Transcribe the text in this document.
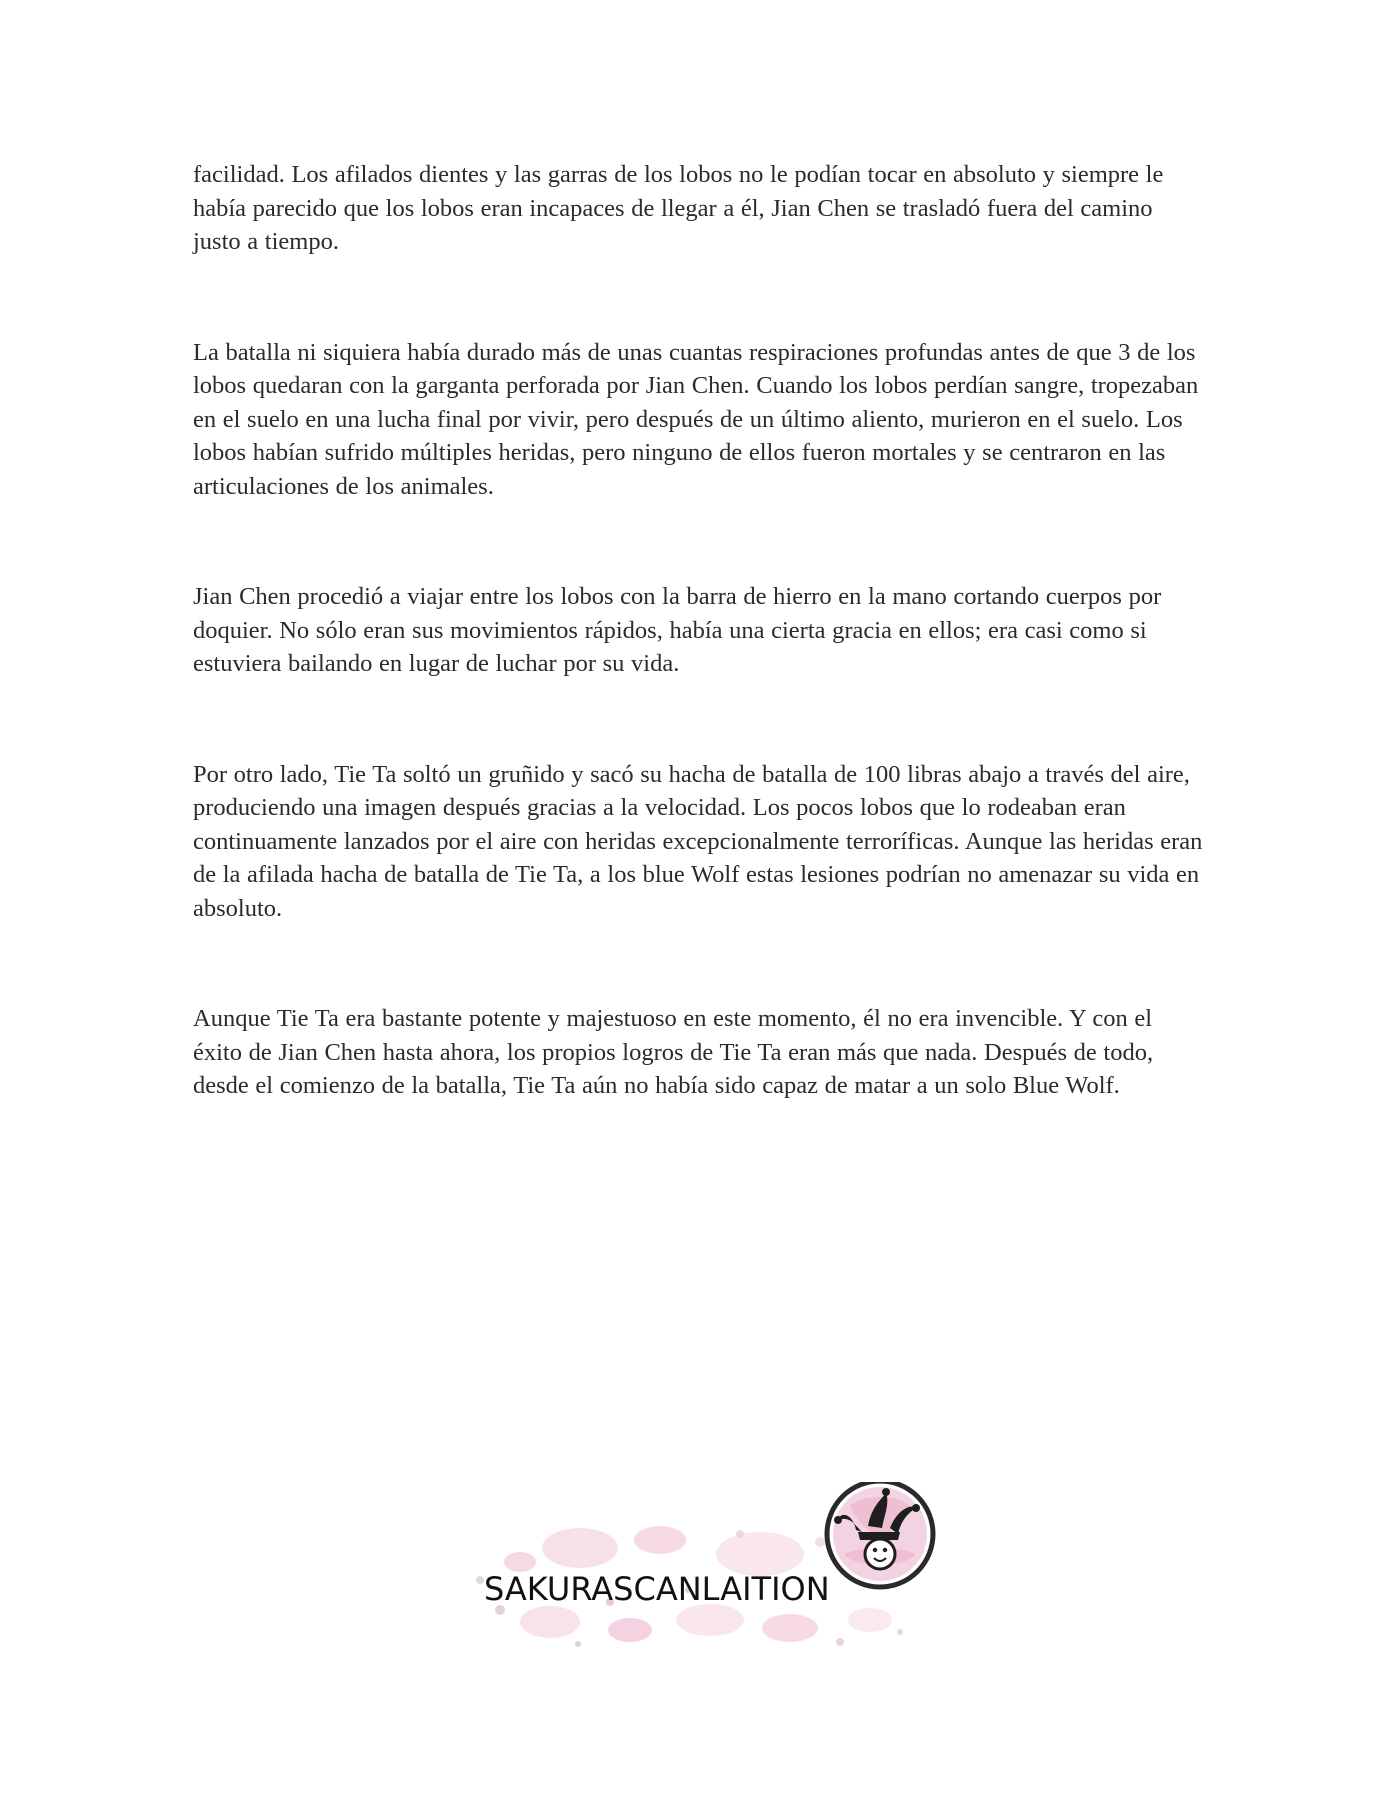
facilidad. Los afilados dientes y las garras de los lobos no le podían tocar en absoluto y siempre le había parecido que los lobos eran incapaces de llegar a él, Jian Chen se trasladó fuera del camino justo a tiempo.

La batalla ni siquiera había durado más de unas cuantas respiraciones profundas antes de que 3 de los lobos quedaran con la garganta perforada por Jian Chen. Cuando los lobos perdían sangre, tropezaban en el suelo en una lucha final por vivir, pero después de un último aliento, murieron en el suelo. Los lobos habían sufrido múltiples heridas, pero ninguno de ellos fueron mortales y se centraron en las articulaciones de los animales.

Jian Chen procedió a viajar entre los lobos con la barra de hierro en la mano cortando cuerpos por doquier. No sólo eran sus movimientos rápidos, había una cierta gracia en ellos; era casi como si estuviera bailando en lugar de luchar por su vida.

Por otro lado, Tie Ta soltó un gruñido y sacó su hacha de batalla de 100 libras abajo a través del aire, produciendo una imagen después gracias a la velocidad. Los pocos lobos que lo rodeaban eran continuamente lanzados por el aire con heridas excepcionalmente terroríficas. Aunque las heridas eran de la afilada hacha de batalla de Tie Ta, a los blue Wolf estas lesiones podrían no amenazar su vida en absoluto.

Aunque Tie Ta era bastante potente y majestuoso en este momento, él no era invencible. Y con el éxito de Jian Chen hasta ahora, los propios logros de Tie Ta eran más que nada. Después de todo, desde el comienzo de la batalla, Tie Ta aún no había sido capaz de matar a un solo Blue Wolf.

SAKURASCANLAITION
